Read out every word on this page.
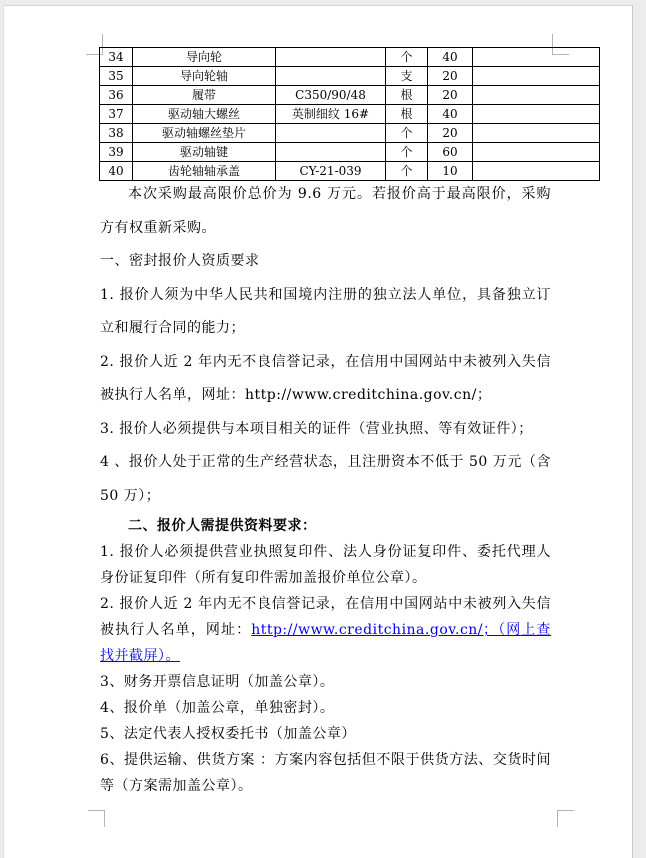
34	导向轮		个	40	
35	导向轮轴		支	20	
36	履带	C350/90/48	根	20	
37	驱动轴大螺丝	英制细纹 16#	根	40	
38	驱动轴螺丝垫片		个	20	
39	驱动轴键		个	60	
40	齿轮轴轴承盖	CY-21-039	个	10	

本次采购最高限价总价为 9.6 万元。若报价高于最高限价，采购方有权重新采购。

一、密封报价人资质要求

1. 报价人须为中华人民共和国境内注册的独立法人单位，具备独立订立和履行合同的能力；

2. 报价人近 2 年内无不良信誉记录，在信用中国网站中未被列入失信被执行人名单，网址：http://www.creditchina.gov.cn/；

3. 报价人必须提供与本项目相关的证件（营业执照、等有效证件）；

4 、报价人处于正常的生产经营状态，且注册资本不低于 50 万元（含 50 万）；

二、报价人需提供资料要求：

1. 报价人必须提供营业执照复印件、法人身份证复印件、委托代理人身份证复印件（所有复印件需加盖报价单位公章）。

2. 报价人近 2 年内无不良信誉记录，在信用中国网站中未被列入失信被执行人名单，网址：http://www.creditchina.gov.cn/；（网上查找并截屏）。

3、财务开票信息证明（加盖公章）。

4、报价单（加盖公章，单独密封）。

5、法定代表人授权委托书（加盖公章）

6、提供运输、供货方案 ：方案内容包括但不限于供货方法、交货时间等（方案需加盖公章）。
